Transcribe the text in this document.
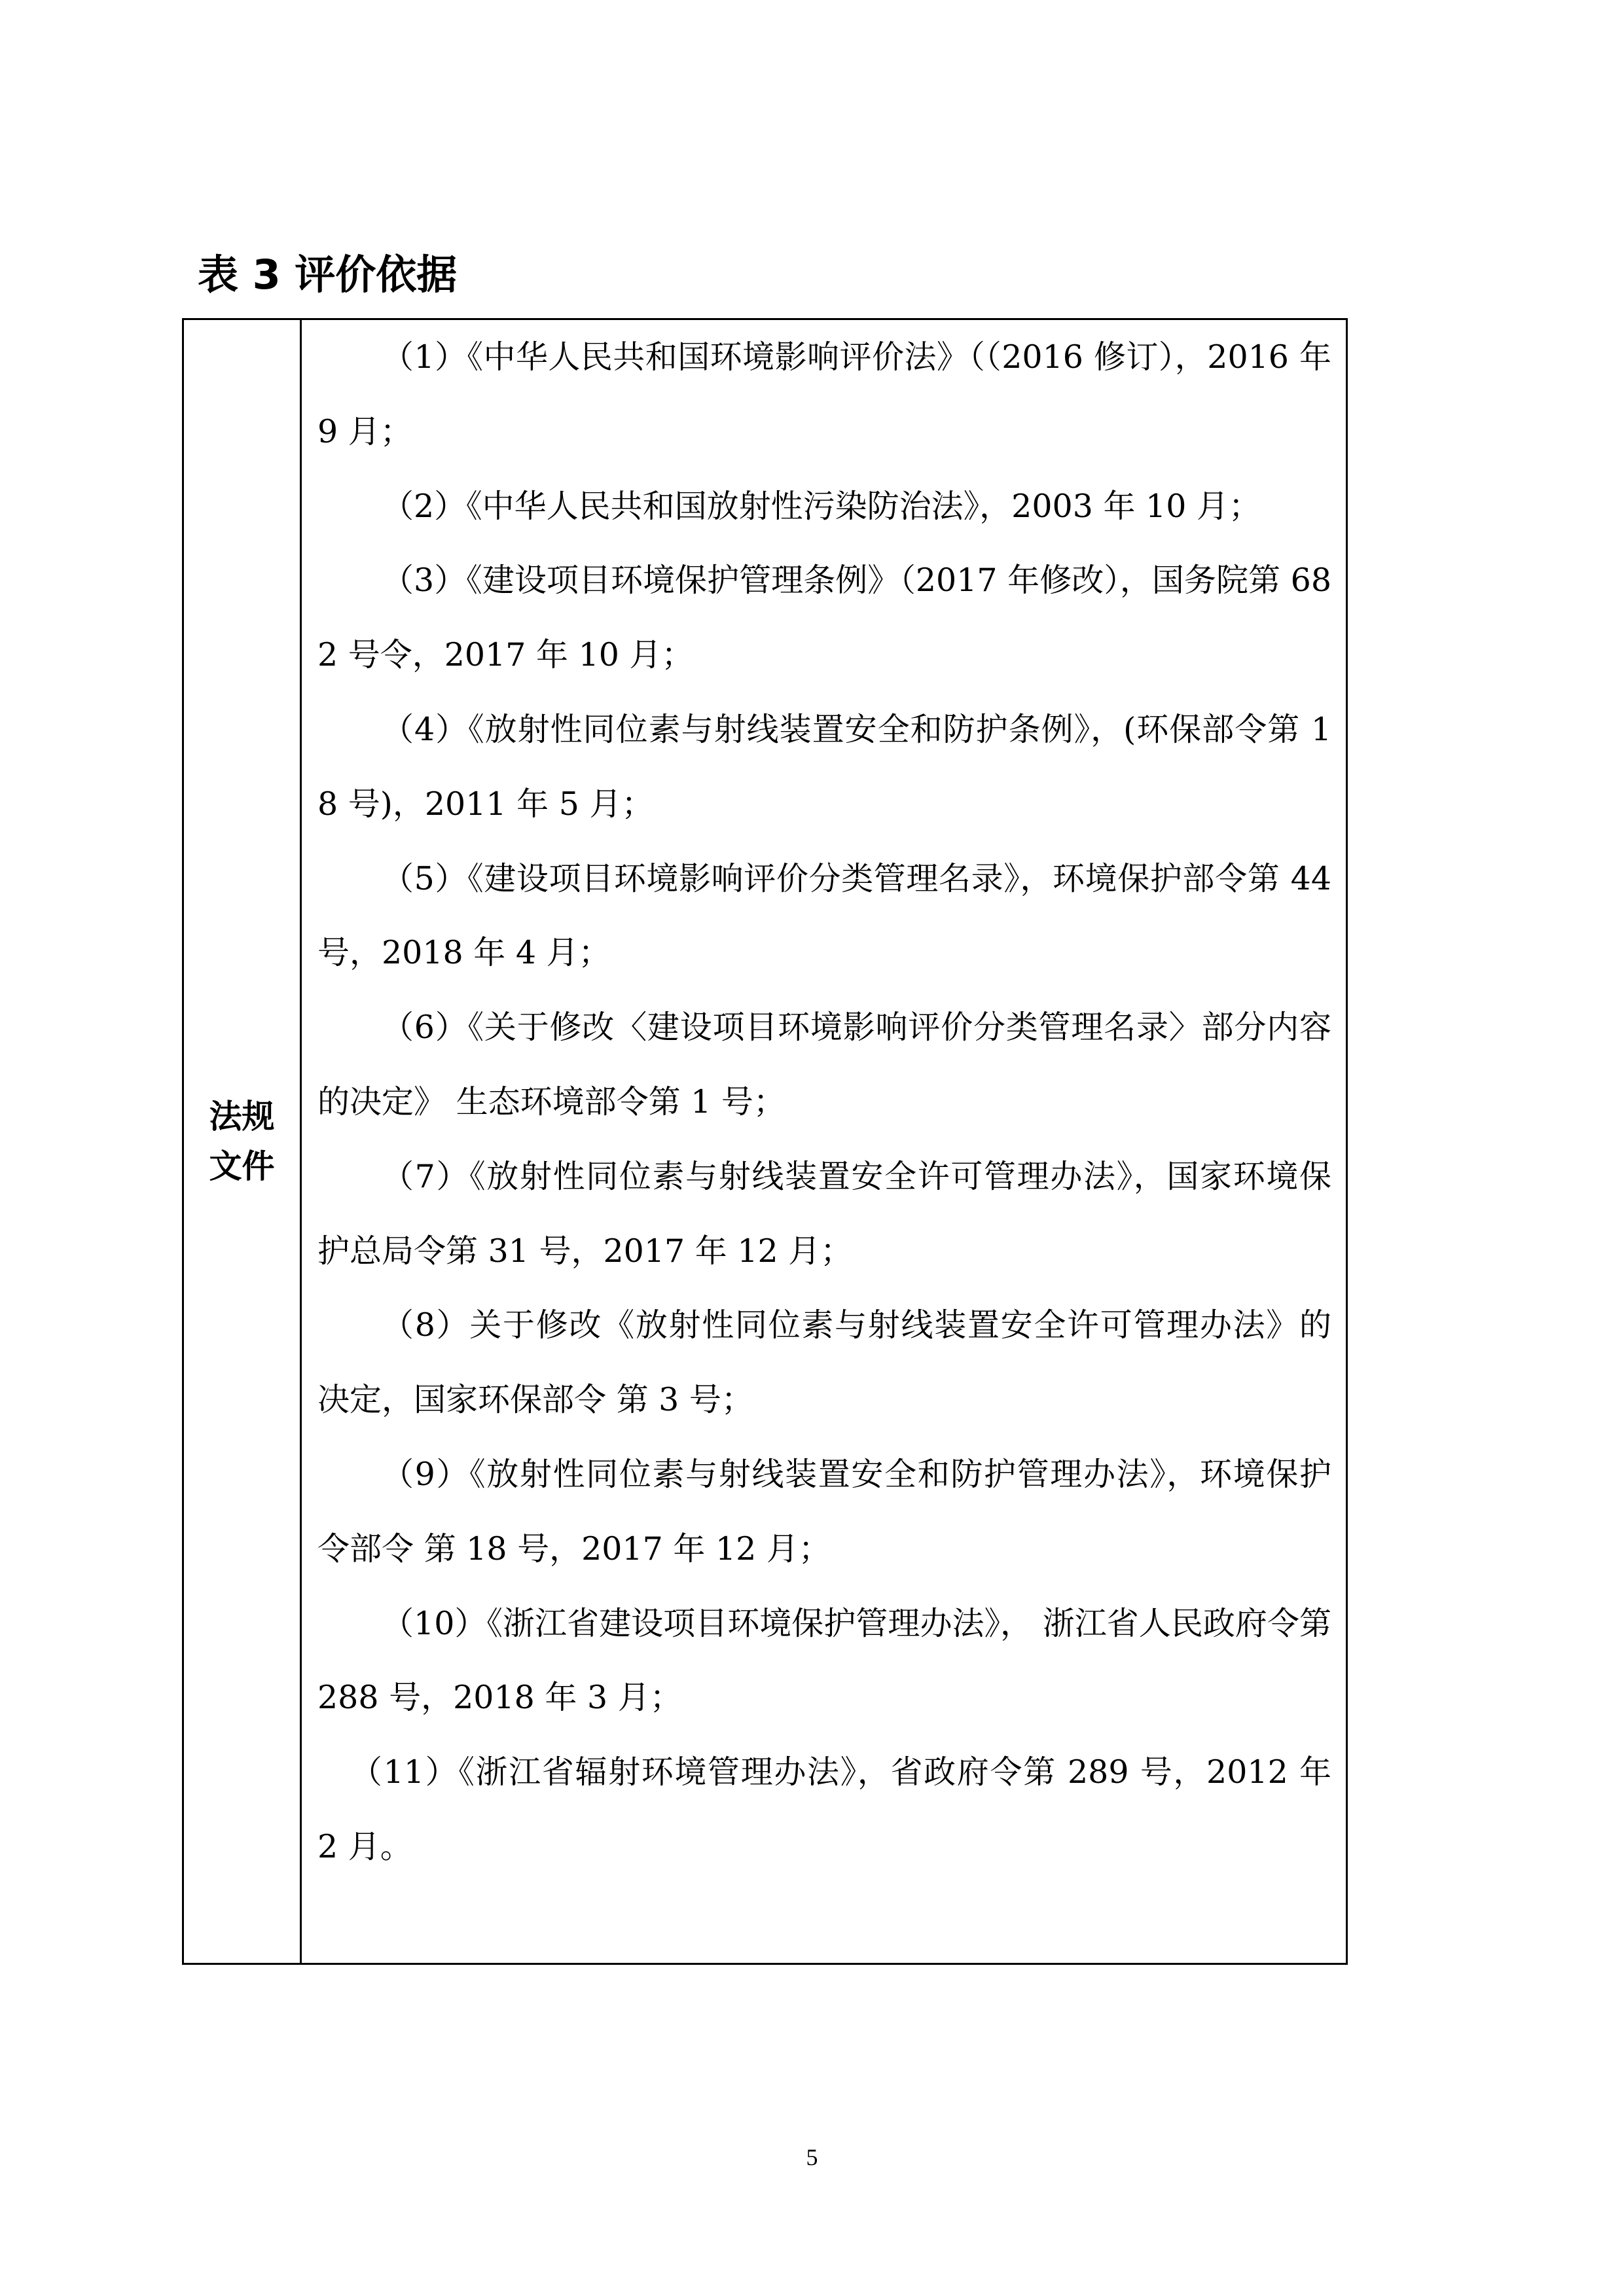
表 3 评价依据
法规文件

（1）《中华人民共和国环境影响评价法》（（2016 修订），2016 年 9 月；

（2）《中华人民共和国放射性污染防治法》，2003 年 10 月；

（3）《建设项目环境保护管理条例》（2017 年修改），国务院第 682 号令，2017 年 10 月；

（4）《放射性同位素与射线装置安全和防护条例》，(环保部令第 18 号)，2011 年 5 月；

（5）《建设项目环境影响评价分类管理名录》，环境保护部令第 44 号，2018 年 4 月；

（6）《关于修改〈建设项目环境影响评价分类管理名录〉部分内容的决定》 生态环境部令第 1 号；

（7）《放射性同位素与射线装置安全许可管理办法》，国家环境保护总局令第 31 号，2017 年 12 月；

（8）关于修改《放射性同位素与射线装置安全许可管理办法》的决定，国家环保部令 第 3 号；

（9）《放射性同位素与射线装置安全和防护管理办法》，环境保护令部令 第 18 号，2017 年 12 月；

（10）《浙江省建设项目环境保护管理办法》， 浙江省人民政府令第 288 号，2018 年 3 月；

（11）《浙江省辐射环境管理办法》，省政府令第 289 号，2012 年 2 月。

5
